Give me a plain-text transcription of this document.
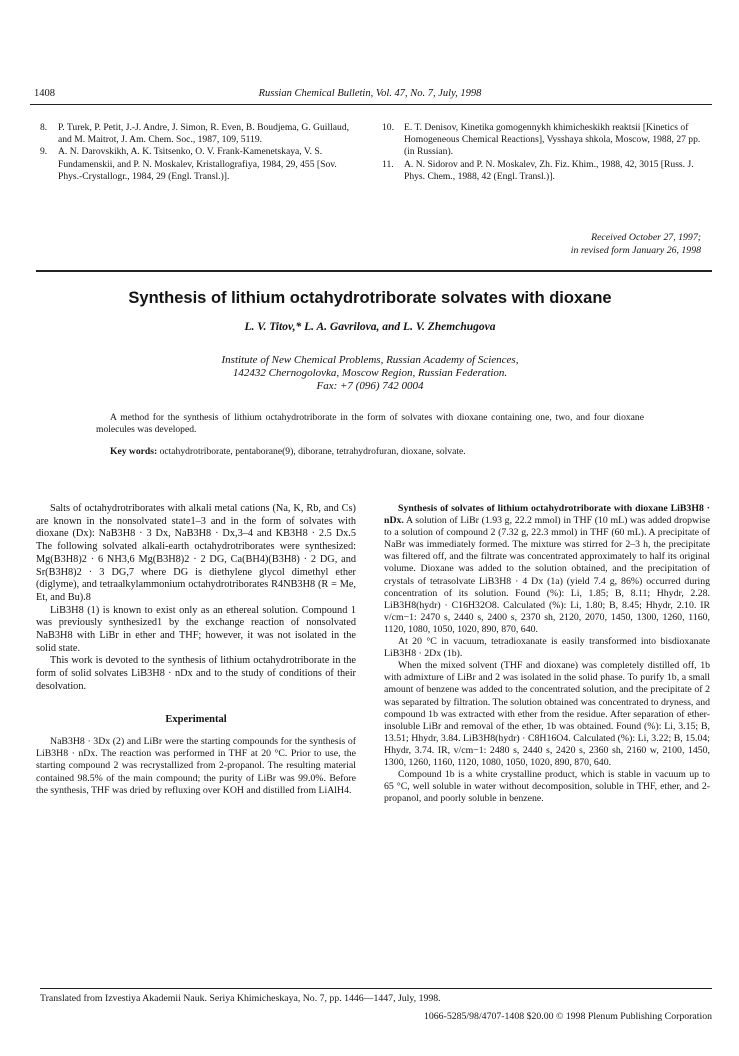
1408	Russian Chemical Bulletin, Vol. 47, No. 7, July, 1998
8. P. Turek, P. Petit, J.-J. Andre, J. Simon, R. Even, B. Boudjema, G. Guillaud, and M. Maitrot, J. Am. Chem. Soc., 1987, 109, 5119.
9. A. N. Darovskikh, A. K. Tsitsenko, O. V. Frank-Kamenetskaya, V. S. Fundamenskii, and P. N. Moskalev, Kristallografiya, 1984, 29, 455 [Sov. Phys.-Crystallogr., 1984, 29 (Engl. Transl.)].
10. E. T. Denisov, Kinetika gomogennykh khimicheskikh reaktsii [Kinetics of Homogeneous Chemical Reactions], Vysshaya shkola, Moscow, 1988, 27 pp. (in Russian).
11. A. N. Sidorov and P. N. Moskalev, Zh. Fiz. Khim., 1988, 42, 3015 [Russ. J. Phys. Chem., 1988, 42 (Engl. Transl.)].
Received October 27, 1997;
in revised form January 26, 1998
Synthesis of lithium octahydrotriborate solvates with dioxane
L. V. Titov,* L. A. Gavrilova, and L. V. Zhemchugova
Institute of New Chemical Problems, Russian Academy of Sciences,
142432 Chernogolovka, Moscow Region, Russian Federation.
Fax: +7 (096) 742 0004
A method for the synthesis of lithium octahydrotriborate in the form of solvates with dioxane containing one, two, and four dioxane molecules was developed.
Key words: octahydrotriborate, pentaborane(9), diborane, tetrahydrofuran, dioxane, solvate.

Salts of octahydrotriborates with alkali metal cations (Na, K, Rb, and Cs) are known in the nonsolvated state1–3 and in the form of solvates with dioxane (Dx): NaB3H8 · 3 Dx, NaB3H8 · Dx,3–4 and KB3H8 · 2.5 Dx.5 The following solvated alkali-earth octahydrotriborates were synthesized: Mg(B3H8)2 · 6 NH3,6 Mg(B3H8)2 · 2 DG, Ca(BH4)(B3H8) · 2 DG, and Sr(B3H8)2 · 3 DG,7 where DG is diethylene glycol dimethyl ether (diglyme), and tetraalkylammonium octahydrotriborates R4NB3H8 (R = Me, Et, and Bu).8

LiB3H8 (1) is known to exist only as an ethereal solution. Compound 1 was previously synthesized1 by the exchange reaction of nonsolvated NaB3H8 with LiBr in ether and THF; however, it was not isolated in the solid state.

This work is devoted to the synthesis of lithium octahydrotriborate in the form of solid solvates LiB3H8 · nDx and to the study of conditions of their desolvation.

Experimental

NaB3H8 · 3Dx (2) and LiBr were the starting compounds for the synthesis of LiB3H8 · nDx. The reaction was performed in THF at 20 °C. Prior to use, the starting compound 2 was recrystallized from 2-propanol. The resulting material contained 98.5% of the main compound; the purity of LiBr was 99.0%. Before the synthesis, THF was dried by refluxing over KOH and distilled from LiAlH4.

Synthesis of solvates of lithium octahydrotriborate with dioxane LiB3H8 · nDx. A solution of LiBr (1.93 g, 22.2 mmol) in THF (10 mL) was added dropwise to a solution of compound 2 (7.32 g, 22.3 mmol) in THF (60 mL). A precipitate of NaBr was immediately formed. The mixture was stirred for 2–3 h, the precipitate was filtered off, and the filtrate was concentrated approximately to half its original volume. Dioxane was added to the solution obtained, and the precipitation of crystals of tetrasolvate LiB3H8 · 4 Dx (1a) (yield 7.4 g, 86%) occurred during concentration of its solution. Found (%): Li, 1.85; B, 8.11; Hhydr, 2.28. LiB3H8(hydr) · C16H32O8. Calculated (%): Li, 1.80; B, 8.45; Hhydr, 2.10. IR v/cm−1: 2470 s, 2440 s, 2400 s, 2370 sh, 2120, 2070, 1450, 1300, 1260, 1160, 1120, 1080, 1050, 1020, 890, 870, 640.

At 20 °C in vacuum, tetradioxanate is easily transformed into bisdioxanate LiB3H8 · 2Dx (1b).

When the mixed solvent (THF and dioxane) was completely distilled off, 1b with admixture of LiBr and 2 was isolated in the solid phase. To purify 1b, a small amount of benzene was added to the concentrated solution, and the precipitate of 2 was separated by filtration. The solution obtained was concentrated to dryness, and compound 1b was extracted with ether from the residue. After separation of ether-insoluble LiBr and removal of the ether, 1b was obtained. Found (%): Li, 3.15; B, 13.51; Hhydr, 3.84. LiB3H8(hydr) · C8H16O4. Calculated (%): Li, 3.22; B, 15.04; Hhydr, 3.74. IR, v/cm−1: 2480 s, 2440 s, 2420 s, 2360 sh, 2160 w, 2100, 1450, 1300, 1260, 1160, 1120, 1080, 1050, 1020, 890, 870, 640.

Compound 1b is a white crystalline product, which is stable in vacuum up to 65 °C, well soluble in water without decomposition, soluble in THF, ether, and 2-propanol, and poorly soluble in benzene.

Translated from Izvestiya Akademii Nauk. Seriya Khimicheskaya, No. 7, pp. 1446—1447, July, 1998.
1066-5285/98/4707-1408 $20.00 © 1998 Plenum Publishing Corporation
